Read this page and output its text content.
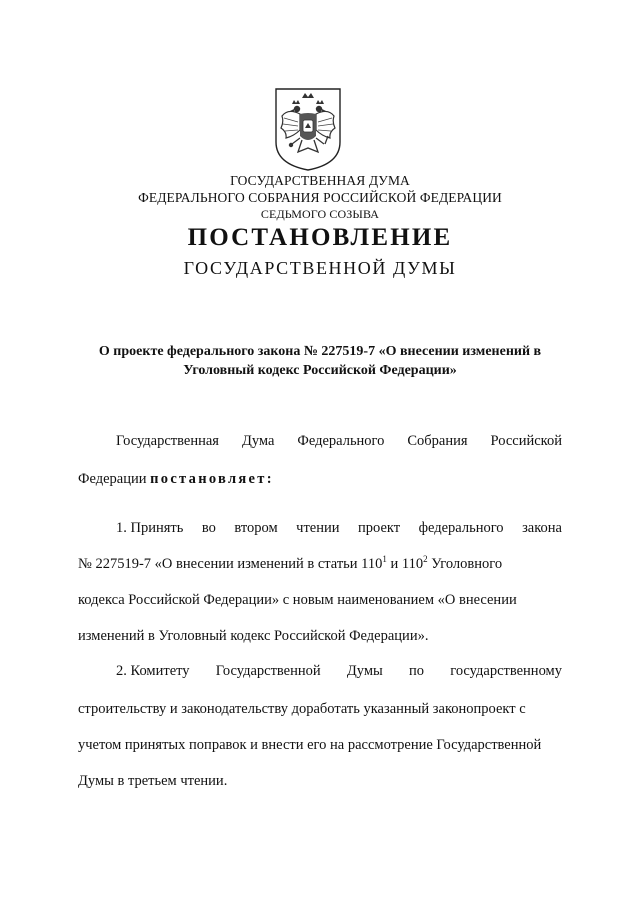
ГОСУДАРСТВЕННАЯ ДУМА
ФЕДЕРАЛЬНОГО СОБРАНИЯ РОССИЙСКОЙ ФЕДЕРАЦИИ
СЕДЬМОГО СОЗЫВА
ПОСТАНОВЛЕНИЕ
ГОСУДАРСТВЕННОЙ ДУМЫ
О проекте федерального закона № 227519-7 «О внесении изменений в
Уголовный кодекс Российской Федерации»
Государственная Дума Федерального Собрания Российской
Федерации постановляет:
1. Принять во втором чтении проект федерального закона
№ 227519-7 «О внесении изменений в статьи $110^1$ и $110^2$ Уголовного
кодекса Российской Федерации» с новым наименованием «О внесении
изменений в Уголовный кодекс Российской Федерации».
2. Комитету Государственной Думы по государственному
строительству и законодательству доработать указанный законопроект с
учетом принятых поправок и внести его на рассмотрение Государственной
Думы в третьем чтении.
